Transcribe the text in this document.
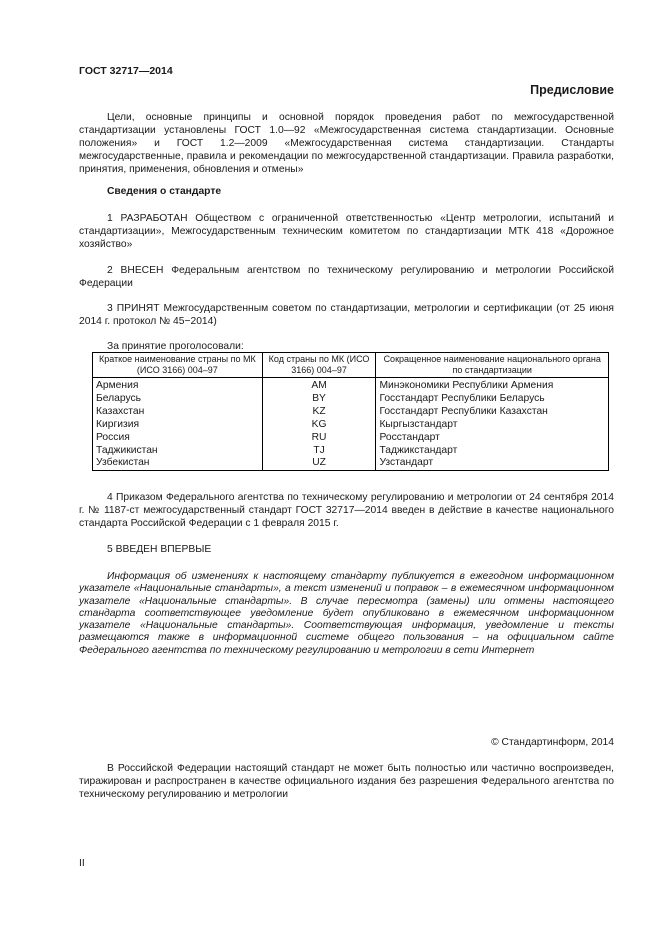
ГОСТ 32717—2014
Предисловие

Цели, основные принципы и основной порядок проведения работ по межгосударственной стандартизации установлены ГОСТ 1.0—92 «Межгосударственная система стандартизации. Основные положения» и ГОСТ 1.2—2009 «Межгосударственная система стандартизации. Стандарты межгосударственные, правила и рекомендации по межгосударственной стандартизации. Правила разработки, принятия, применения, обновления и отмены»

Сведения о стандарте

1 РАЗРАБОТАН Обществом с ограниченной ответственностью «Центр метрологии, испытаний и стандартизации», Межгосударственным техническим комитетом по стандартизации МТК 418 «Дорожное хозяйство»

2 ВНЕСЕН Федеральным агентством по техническому регулированию и метрологии Российской Федерации

3 ПРИНЯТ Межгосударственным советом по стандартизации, метрологии и сертификации (от 25 июня 2014 г. протокол № 45−2014)

За принятие проголосовали:
Краткое наименование страны по МК (ИСО 3166) 004–97	Код страны по МК (ИСО 3166) 004–97	Сокращенное наименование национального органа по стандартизации
Армения	AM	Минэкономики Республики Армения
Беларусь	BY	Госстандарт Республики Беларусь
Казахстан	KZ	Госстандарт Республики Казахстан
Киргизия	KG	Кыргызстандарт
Россия	RU	Росстандарт
Таджикистан	TJ	Таджикстандарт
Узбекистан	UZ	Узстандарт

4 Приказом Федерального агентства по техническому регулированию и метрологии от 24 сентября 2014 г. № 1187-ст межгосударственный стандарт ГОСТ 32717—2014 введен в действие в качестве национального стандарта Российской Федерации с 1 февраля 2015 г.

5 ВВЕДЕН ВПЕРВЫЕ

Информация об изменениях к настоящему стандарту публикуется в ежегодном информационном указателе «Национальные стандарты», а текст изменений и поправок – в ежемесячном информационном указателе «Национальные стандарты». В случае пересмотра (замены) или отмены настоящего стандарта соответствующее уведомление будет опубликовано в ежемесячном информационном указателе «Национальные стандарты». Соответствующая информация, уведомление и тексты размещаются также в информационной системе общего пользования – на официальном сайте Федерального агентства по техническому регулированию и метрологии в сети Интернет

© Стандартинформ, 2014

В Российской Федерации настоящий стандарт не может быть полностью или частично воспроизведен, тиражирован и распространен в качестве официального издания без разрешения Федерального агентства по техническому регулированию и метрологии

II
